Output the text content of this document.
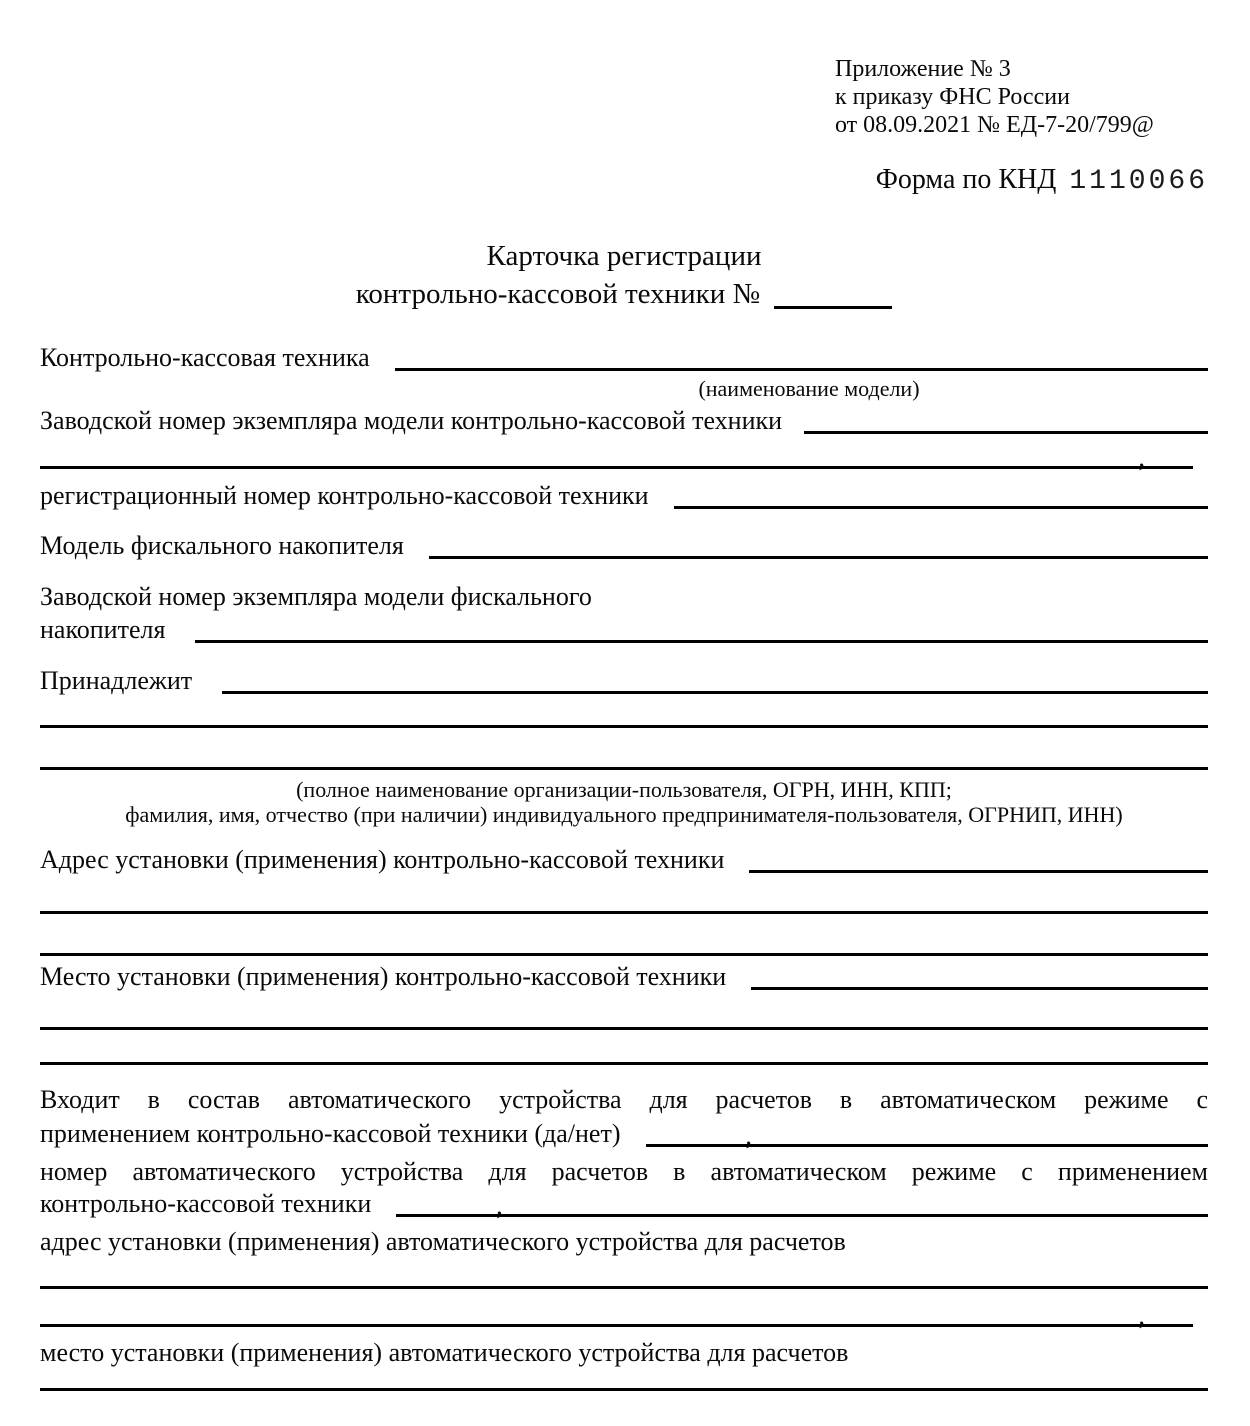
Приложение № 3
к приказу ФНС России
от 08.09.2021 № ЕД-7-20/799@
Форма по КНД 1110066
Карточка регистрации
контрольно-кассовой техники №
Контрольно-кассовая техника
(наименование модели)
Заводской номер экземпляра модели контрольно-кассовой техники
,
регистрационный номер контрольно-кассовой техники
Модель фискального накопителя
Заводской номер экземпляра модели фискального
накопителя
Принадлежит
(полное наименование организации-пользователя, ОГРН, ИНН, КПП;
фамилия, имя, отчество (при наличии) индивидуального предпринимателя-пользователя, ОГРНИП, ИНН)
Адрес установки (применения) контрольно-кассовой техники
Место установки (применения) контрольно-кассовой техники
Входит в состав автоматического устройства для расчетов в автоматическом режиме с
применением контрольно-кассовой техники (да/нет)	,
номер автоматического устройства для расчетов в автоматическом режиме с применением
контрольно-кассовой техники	,
адрес установки (применения) автоматического устройства для расчетов
,
место установки (применения) автоматического устройства для расчетов
